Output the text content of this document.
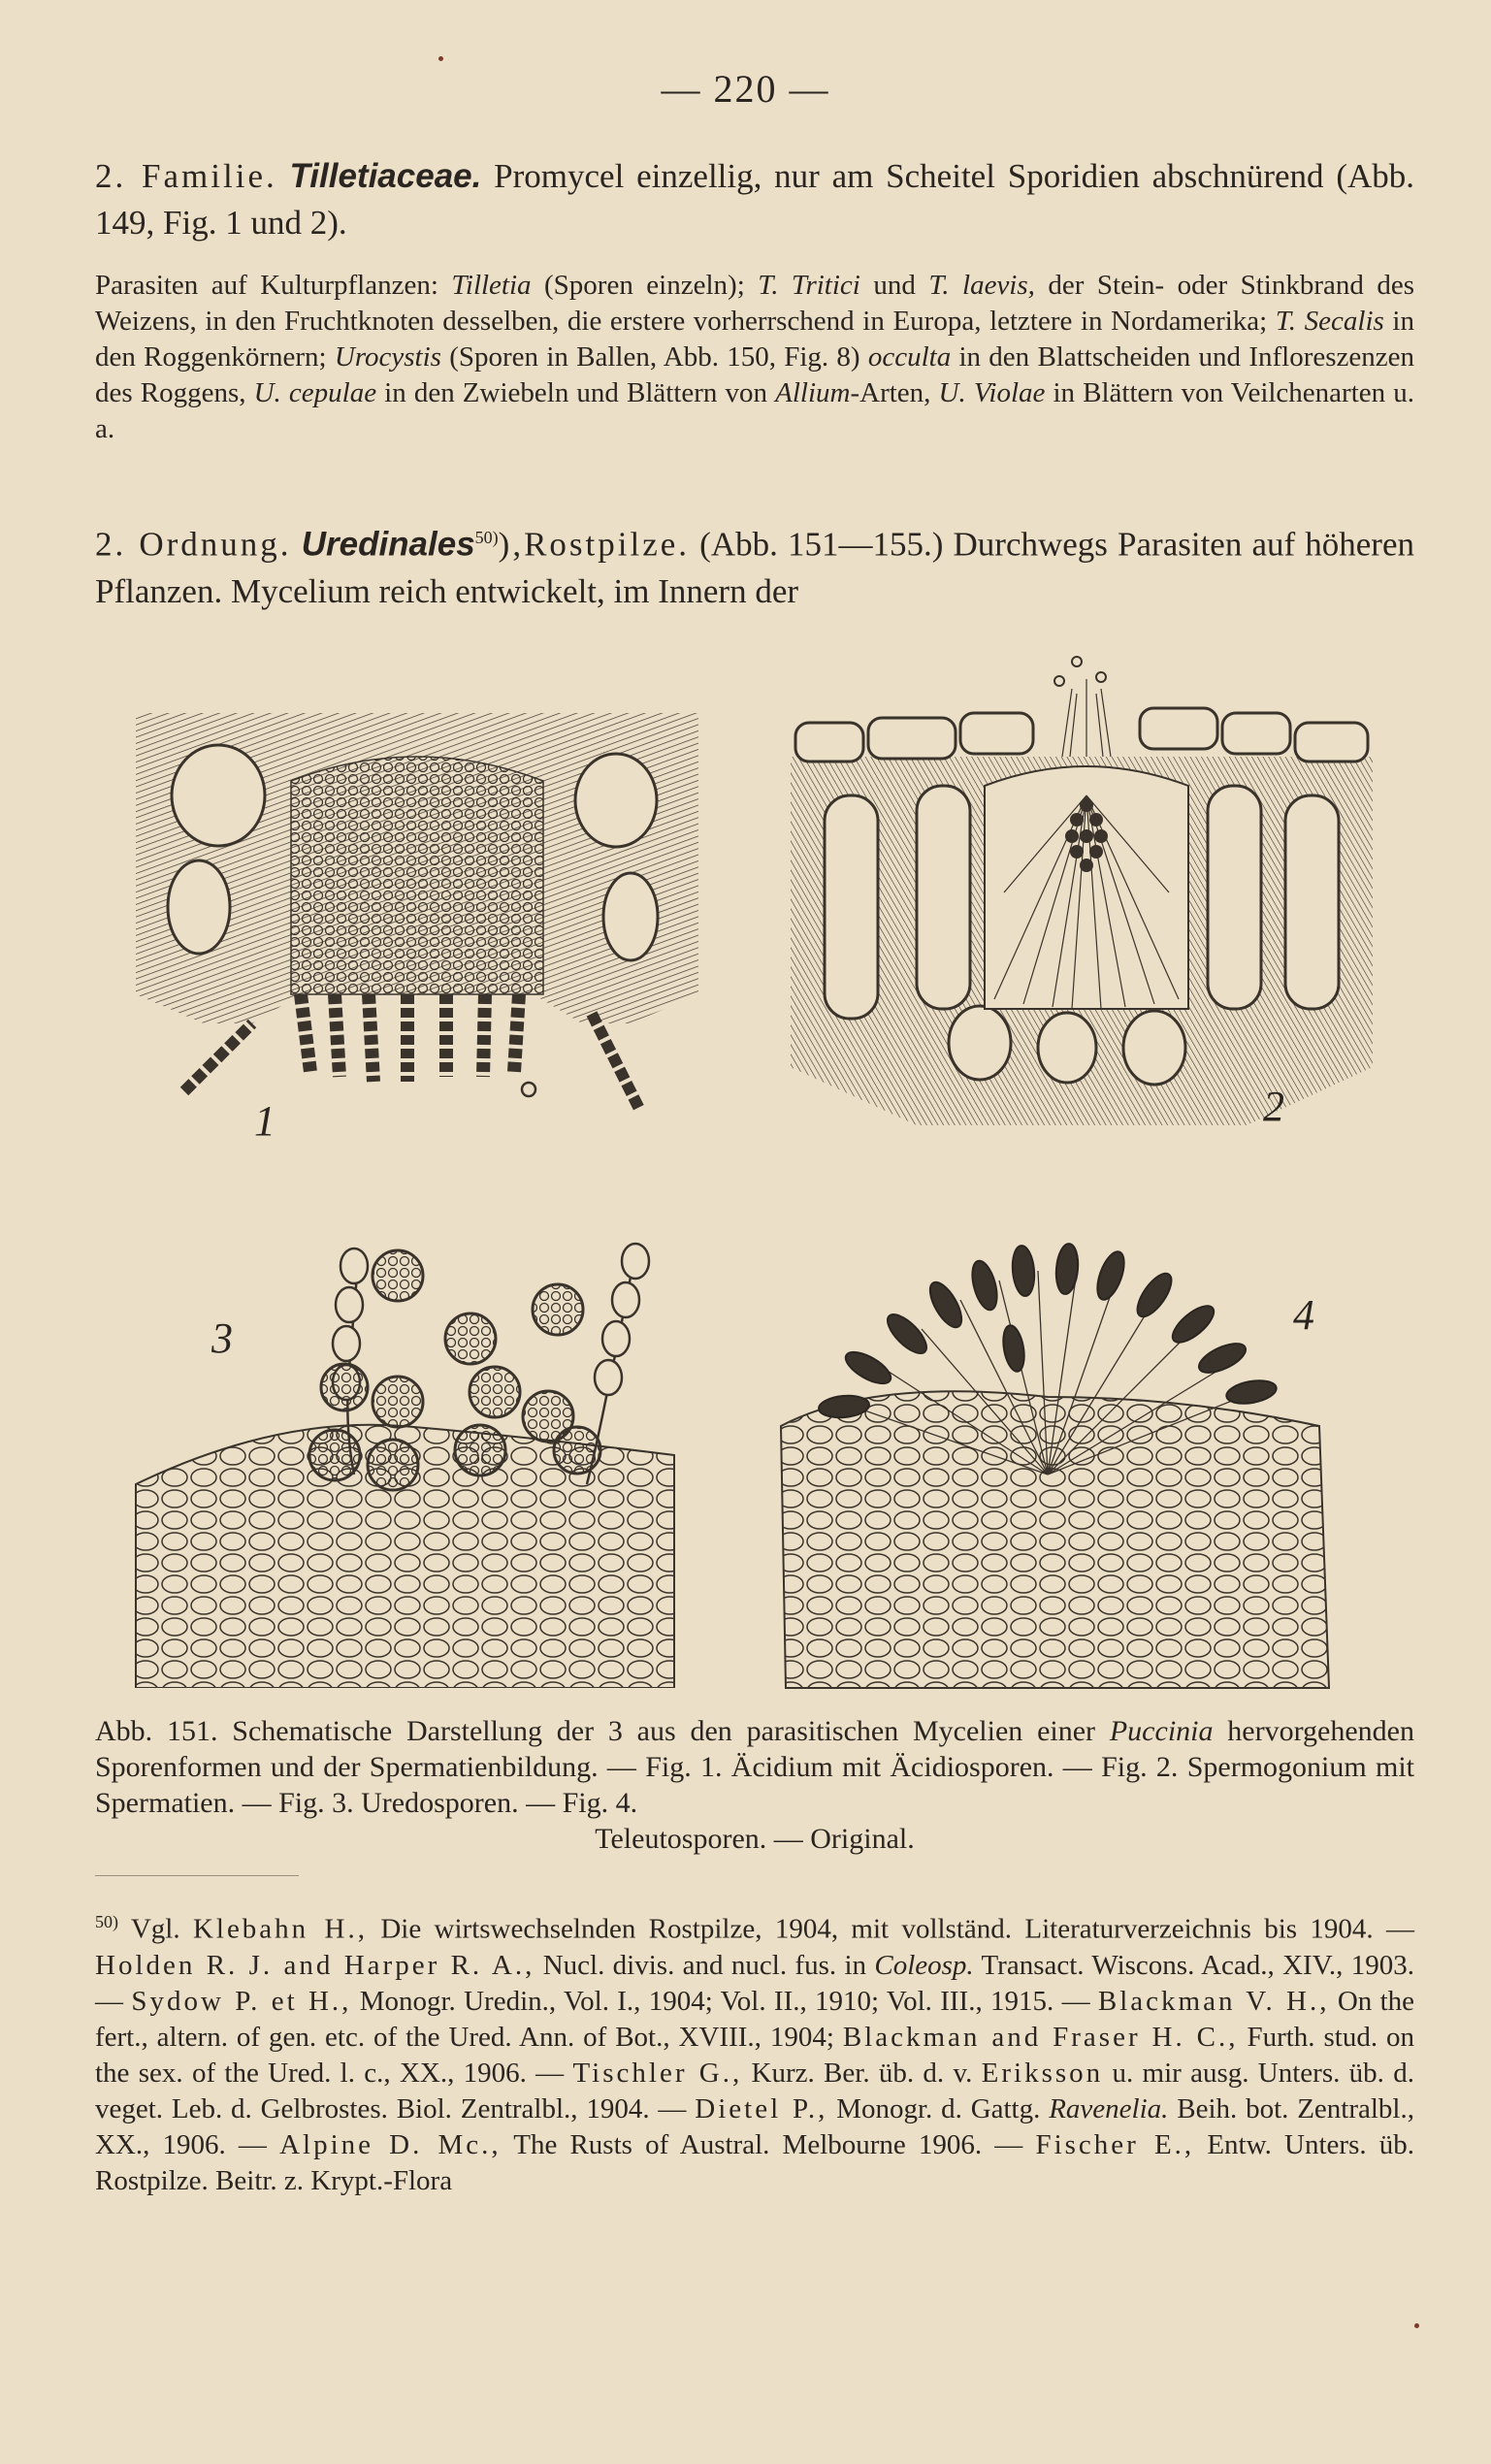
— 220 —

2. Familie. Tilletiaceae. Promycel einzellig, nur am Scheitel Sporidien abschnürend (Abb. 149, Fig. 1 und 2).

Parasiten auf Kulturpflanzen: Tilletia (Sporen einzeln); T. Tritici und T. laevis, der Stein- oder Stinkbrand des Weizens, in den Fruchtknoten desselben, die erstere vorherrschend in Europa, letztere in Nordamerika; T. Secalis in den Roggenkörnern; Urocystis (Sporen in Ballen, Abb. 150, Fig. 8) occulta in den Blattscheiden und Infloreszenzen des Roggens, U. cepulae in den Zwiebeln und Blättern von Allium-Arten, U. Violae in Blättern von Veilchenarten u. a.

2. Ordnung. Uredinales$^{50)}$),Rostpilze. (Abb. 151—155.) Durchwegs Parasiten auf höheren Pflanzen. Mycelium reich entwickelt, im Innern der

1	2
3	4
Abb. 151. Schematische Darstellung der 3 aus den parasitischen Mycelien einer Puccinia hervorgehenden Sporenformen und der Spermatienbildung. — Fig. 1. Äcidium mit Äcidiosporen. — Fig. 2. Spermogonium mit Spermatien. — Fig. 3. Uredosporen. — Fig. 4.
Teleutosporen. — Original.
$^{50)}$ Vgl. Klebahn H., Die wirtswechselnden Rostpilze, 1904, mit vollständ. Literaturverzeichnis bis 1904. — Holden R. J. and Harper R. A., Nucl. divis. and nucl. fus. in Coleosp. Transact. Wiscons. Acad., XIV., 1903. — Sydow P. et H., Monogr. Uredin., Vol. I., 1904; Vol. II., 1910; Vol. III., 1915. — Blackman V. H., On the fert., altern. of gen. etc. of the Ured. Ann. of Bot., XVIII., 1904; Blackman and Fraser H. C., Furth. stud. on the sex. of the Ured. l. c., XX., 1906. — Tischler G., Kurz. Ber. üb. d. v. Eriksson u. mir ausg. Unters. üb. d. veget. Leb. d. Gelbrostes. Biol. Zentralbl., 1904. — Dietel P., Monogr. d. Gattg. Ravenelia. Beih. bot. Zentralbl., XX., 1906. — Alpine D. Mc., The Rusts of Austral. Melbourne 1906. — Fischer E., Entw. Unters. üb. Rostpilze. Beitr. z. Krypt.-Flora
